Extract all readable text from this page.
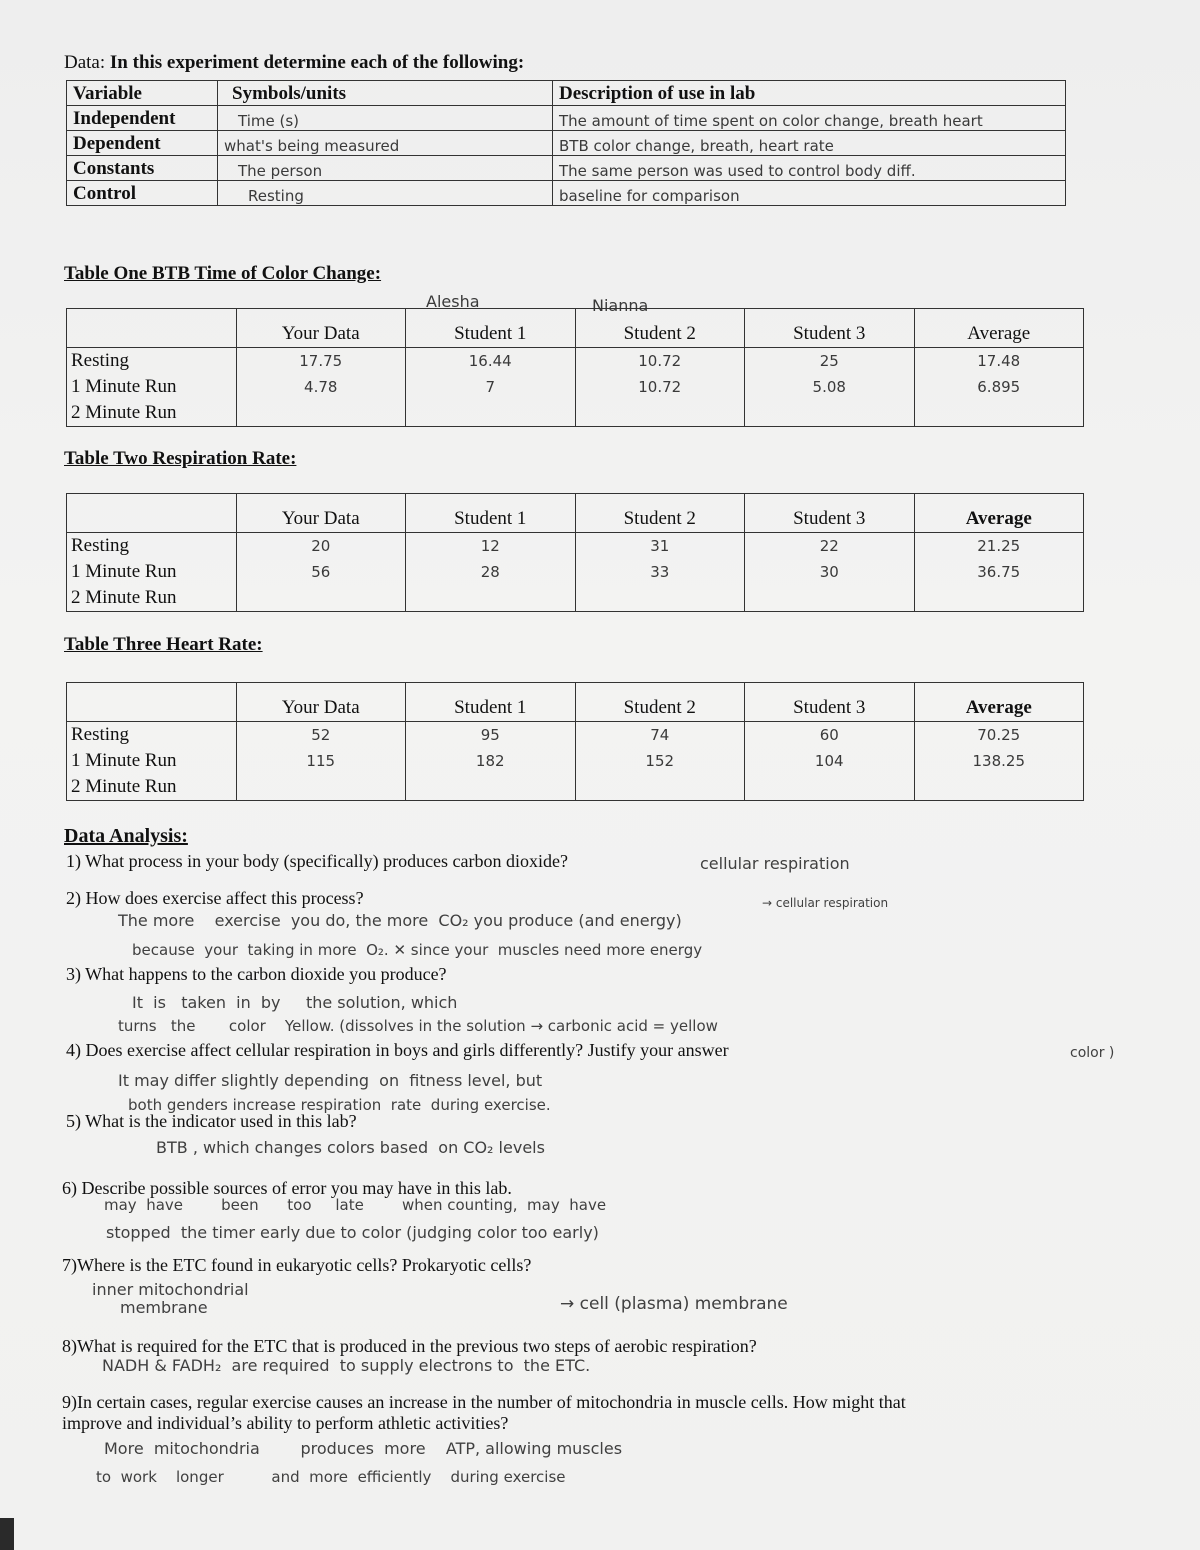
Data: In this experiment determine each of the following:
Variable	Symbols/units	Description of use in lab
Independent	Time (s)	The amount of time spent on color change, breath heart
Dependent	what's being measured	BTB color change, breath, heart rate
Constants	The person	The same person was used to control body diff.
Control	Resting	baseline for comparison
Table One BTB Time of Color Change:
Alesha	Nianna
	Your Data	Student 1	Student 2	Student 3	Average
Resting	17.75	16.44	10.72	25	17.48
1 Minute Run	4.78	7	10.72	5.08	6.895
2 Minute Run					
Table Two Respiration Rate:
	Your Data	Student 1	Student 2	Student 3	Average
Resting	20	12	31	22	21.25
1 Minute Run	56	28	33	30	36.75
2 Minute Run					
Table Three Heart Rate:
	Your Data	Student 1	Student 2	Student 3	Average
Resting	52	95	74	60	70.25
1 Minute Run	115	182	152	104	138.25
2 Minute Run					
Data Analysis:
1) What process in your body (specifically) produces carbon dioxide?	cellular respiration
2) How does exercise affect this process?	→ cellular respiration
The more    exercise  you do, the more  CO₂ you produce (and energy)
because  your  taking in more  O₂. ✕ since your  muscles need more energy
3) What happens to the carbon dioxide you produce?
It  is   taken  in  by     the solution, which
turns   the       color    Yellow. (dissolves in the solution → carbonic acid = yellow
color )
4) Does exercise affect cellular respiration in boys and girls differently? Justify your answer
It may differ slightly depending  on  fitness level, but
both genders increase respiration  rate  during exercise.
5) What is the indicator used in this lab?
BTB , which changes colors based  on CO₂ levels
6) Describe possible sources of error you may have in this lab.
may  have        been      too     late        when counting,  may  have
stopped  the timer early due to color (judging color too early)
7)Where is the ETC found in eukaryotic cells? Prokaryotic cells?
inner mitochondrial
membrane	→ cell (plasma) membrane
8)What is required for the ETC that is produced in the previous two steps of aerobic respiration?
NADH & FADH₂  are required  to supply electrons to  the ETC.
9)In certain cases, regular exercise causes an increase in the number of mitochondria in muscle cells. How might that
improve and individual’s ability to perform athletic activities?
More  mitochondria        produces  more    ATP, allowing muscles
to  work    longer          and  more  efficiently    during exercise
